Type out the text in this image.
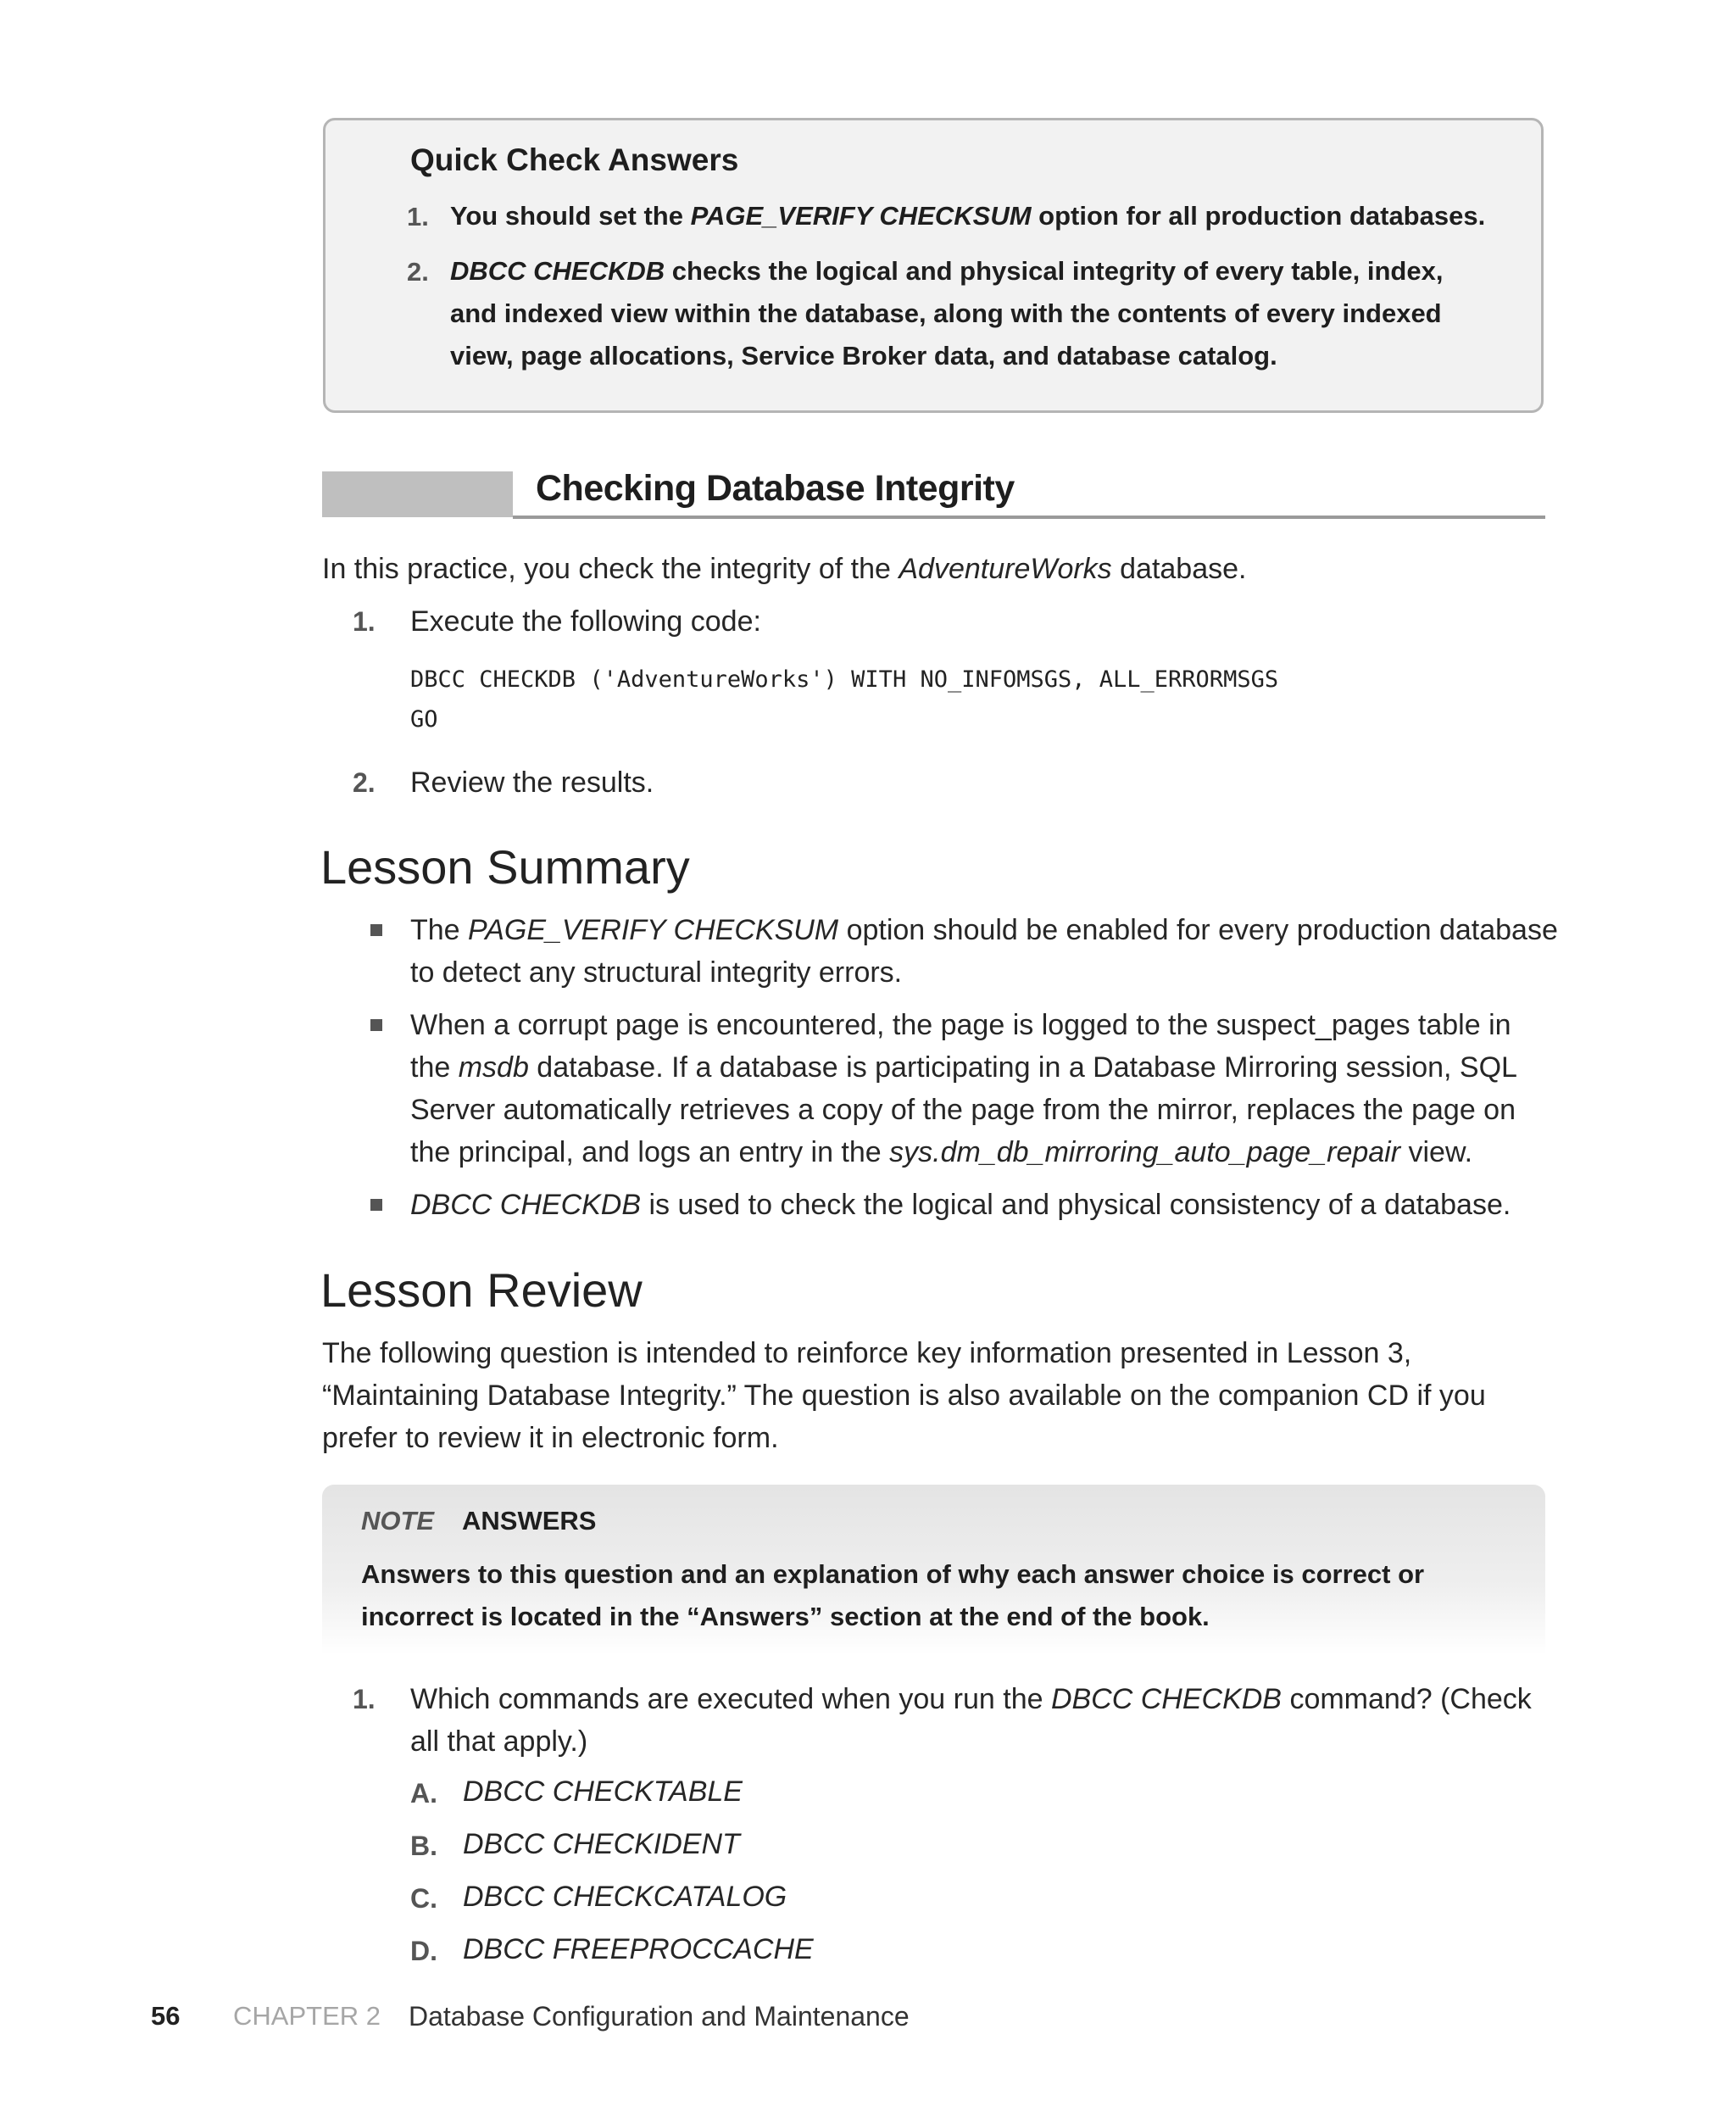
Quick Check Answers
1. You should set the PAGE_VERIFY CHECKSUM option for all production databases.
2. DBCC CHECKDB checks the logical and physical integrity of every table, index,
and indexed view within the database, along with the contents of every indexed
view, page allocations, Service Broker data, and database catalog.
Checking Database Integrity
In this practice, you check the integrity of the AdventureWorks database.
1. Execute the following code:
DBCC CHECKDB ('AdventureWorks') WITH NO_INFOMSGS, ALL_ERRORMSGS
GO
2. Review the results.
Lesson Summary
The PAGE_VERIFY CHECKSUM option should be enabled for every production database
to detect any structural integrity errors.
When a corrupt page is encountered, the page is logged to the suspect_pages table in
the msdb database. If a database is participating in a Database Mirroring session, SQL
Server automatically retrieves a copy of the page from the mirror, replaces the page on
the principal, and logs an entry in the sys.dm_db_mirroring_auto_page_repair view.
DBCC CHECKDB is used to check the logical and physical consistency of a database.
Lesson Review
The following question is intended to reinforce key information presented in Lesson 3,
“Maintaining Database Integrity.” The question is also available on the companion CD if you
prefer to review it in electronic form.
NOTE ANSWERS
Answers to this question and an explanation of why each answer choice is correct or
incorrect is located in the “Answers” section at the end of the book.
1. Which commands are executed when you run the DBCC CHECKDB command? (Check
all that apply.)
A. DBCC CHECKTABLE
B. DBCC CHECKIDENT
C. DBCC CHECKCATALOG
D. DBCC FREEPROCCACHE
56 CHAPTER 2 Database Configuration and Maintenance
